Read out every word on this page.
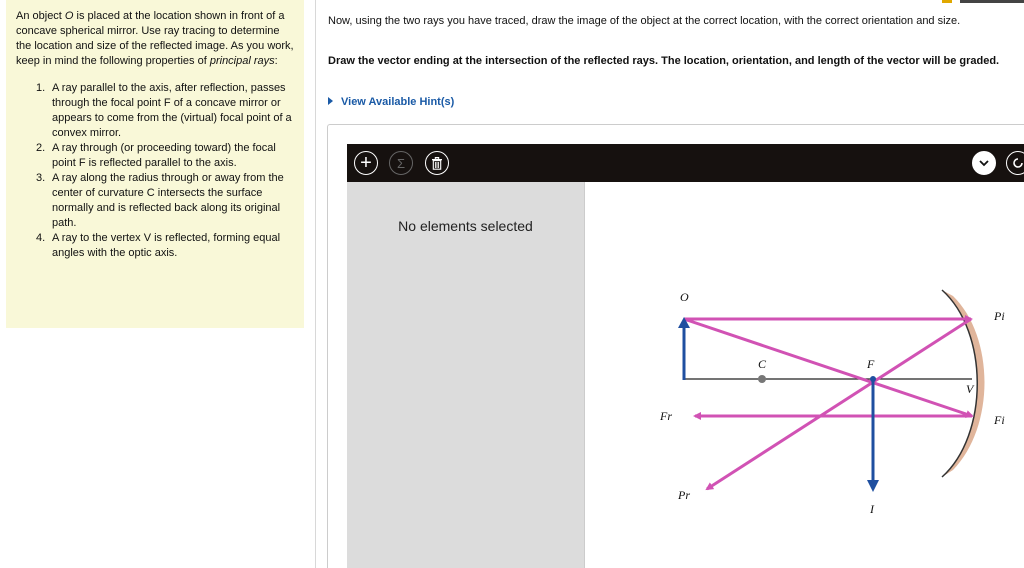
An object O is placed at the location shown in front of a concave spherical mirror. Use ray tracing to determine the location and size of the reflected image. As you work, keep in mind the following properties of principal rays:

1. A ray parallel to the axis, after reflection, passes through the focal point F of a concave mirror or appears to come from the (virtual) focal point of a convex mirror.
2. A ray through (or proceeding toward) the focal point F is reflected parallel to the axis.
3. A ray along the radius through or away from the center of curvature C intersects the surface normally and is reflected back along its original path.
4. A ray to the vertex V is reflected, forming equal angles with the optic axis.
Now, using the two rays you have traced, draw the image of the object at the correct location, with the correct orientation and size.
Draw the vector ending at the intersection of the reflected rays. The location, orientation, and length of the vector will be graded.
View Available Hint(s)
+ Σ
No elements selected
O
C	F
V
Pi
Fi
Fr
Pr
I
